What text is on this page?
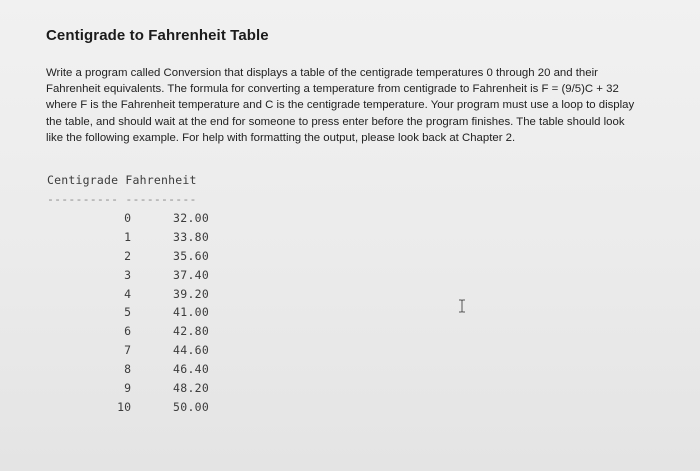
Centigrade to Fahrenheit Table
Write a program called Conversion that displays a table of the centigrade temperatures 0 through 20 and their
Fahrenheit equivalents. The formula for converting a temperature from centigrade to Fahrenheit is F = (9/5)C + 32
where F is the Fahrenheit temperature and C is the centigrade temperature. Your program must use a loop to display
the table, and should wait at the end for someone to press enter before the program finishes. The table should look
like the following example. For help with formatting the output, please look back at Chapter 2.
Centigrade Fahrenheit
---------- ----------
0	32.00
1	33.80
2	35.60
3	37.40
4	39.20
5	41.00
6	42.80
7	44.60
8	46.40
9	48.20
10	50.00
